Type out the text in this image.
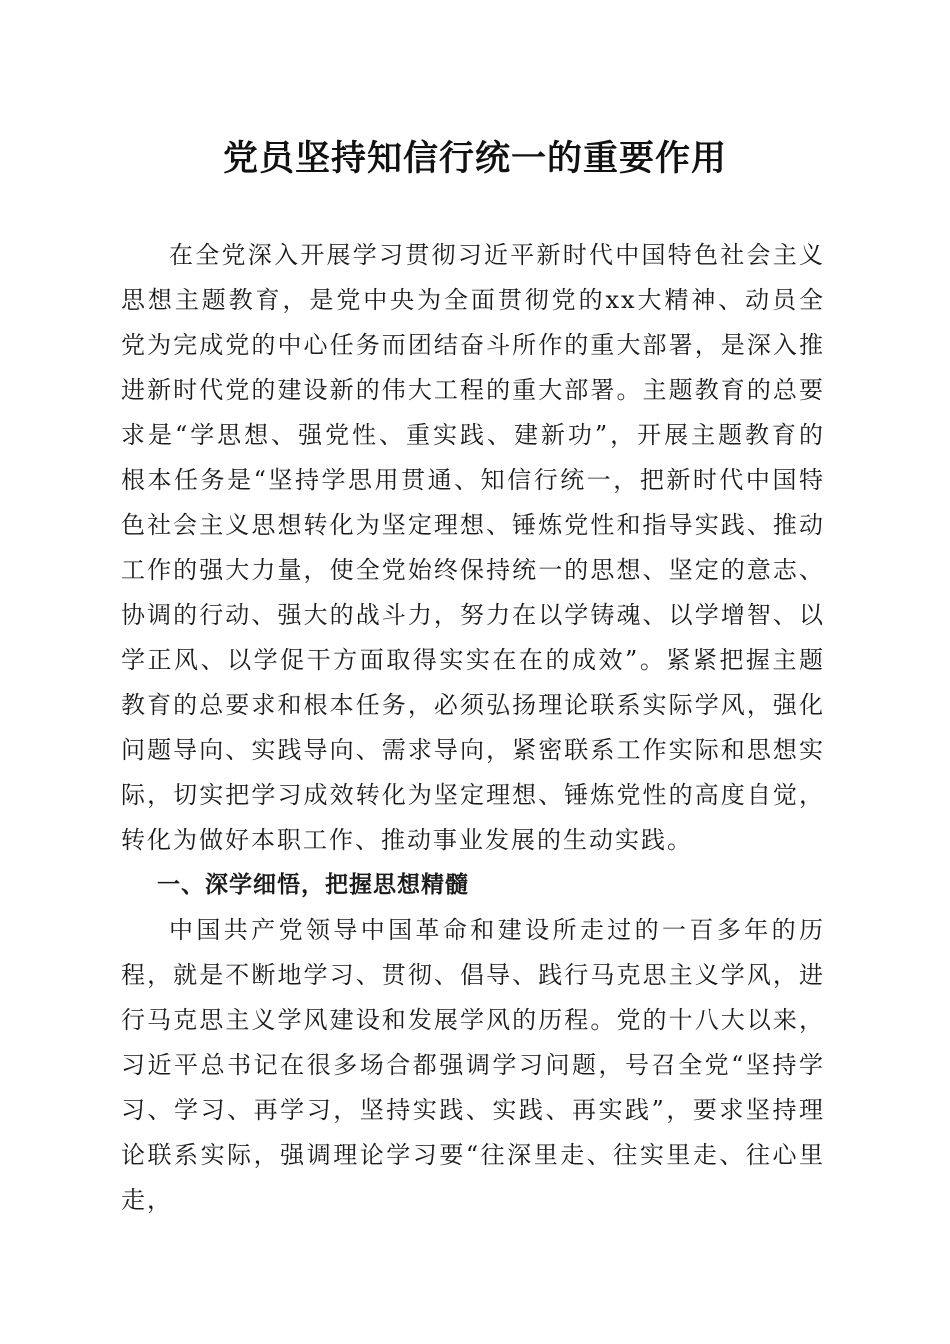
党员坚持知信行统一的重要作用

在全党深入开展学习贯彻习近平新时代中国特色社会主义思想主题教育，是党中央为全面贯彻党的xx大精神、动员全党为完成党的中心任务而团结奋斗所作的重大部署，是深入推进新时代党的建设新的伟大工程的重大部署。主题教育的总要求是“学思想、强党性、重实践、建新功”，开展主题教育的根本任务是“坚持学思用贯通、知信行统一，把新时代中国特色社会主义思想转化为坚定理想、锤炼党性和指导实践、推动工作的强大力量，使全党始终保持统一的思想、坚定的意志、协调的行动、强大的战斗力，努力在以学铸魂、以学增智、以学正风、以学促干方面取得实实在在的成效”。紧紧把握主题教育的总要求和根本任务，必须弘扬理论联系实际学风，强化问题导向、实践导向、需求导向，紧密联系工作实际和思想实际，切实把学习成效转化为坚定理想、锤炼党性的高度自觉，转化为做好本职工作、推动事业发展的生动实践。

一、深学细悟，把握思想精髓

中国共产党领导中国革命和建设所走过的一百多年的历程，就是不断地学习、贯彻、倡导、践行马克思主义学风，进行马克思主义学风建设和发展学风的历程。党的十八大以来，习近平总书记在很多场合都强调学习问题，号召全党“坚持学习、学习、再学习，坚持实践、实践、再实践”，要求坚持理论联系实际，强调理论学习要“往深里走、往实里走、往心里走，
